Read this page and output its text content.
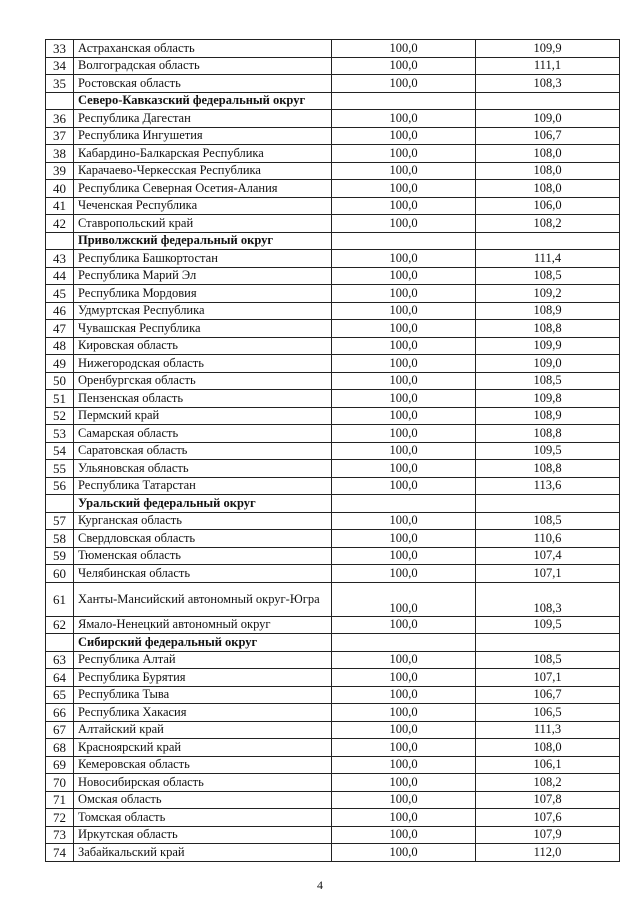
33	Астраханская область	100,0	109,9
34	Волгоградская область	100,0	111,1
35	Ростовская область	100,0	108,3
	Северо-Кавказский федеральный округ		
36	Республика Дагестан	100,0	109,0
37	Республика Ингушетия	100,0	106,7
38	Кабардино-Балкарская Республика	100,0	108,0
39	Карачаево-Черкесская Республика	100,0	108,0
40	Республика Северная Осетия-Алания	100,0	108,0
41	Чеченская Республика	100,0	106,0
42	Ставропольский край	100,0	108,2
	Приволжский федеральный округ		
43	Республика Башкортостан	100,0	111,4
44	Республика Марий Эл	100,0	108,5
45	Республика Мордовия	100,0	109,2
46	Удмуртская Республика	100,0	108,9
47	Чувашская Республика	100,0	108,8
48	Кировская область	100,0	109,9
49	Нижегородская область	100,0	109,0
50	Оренбургская область	100,0	108,5
51	Пензенская область	100,0	109,8
52	Пермский край	100,0	108,9
53	Самарская область	100,0	108,8
54	Саратовская область	100,0	109,5
55	Ульяновская область	100,0	108,8
56	Республика Татарстан	100,0	113,6
	Уральский федеральный округ		
57	Курганская область	100,0	108,5
58	Свердловская область	100,0	110,6
59	Тюменская область	100,0	107,4
60	Челябинская область	100,0	107,1
61	Ханты-Мансийский автономный округ-Югра	100,0	108,3
62	Ямало-Ненецкий автономный округ	100,0	109,5
	Сибирский федеральный округ		
63	Республика Алтай	100,0	108,5
64	Республика Бурятия	100,0	107,1
65	Республика Тыва	100,0	106,7
66	Республика Хакасия	100,0	106,5
67	Алтайский край	100,0	111,3
68	Красноярский край	100,0	108,0
69	Кемеровская область	100,0	106,1
70	Новосибирская область	100,0	108,2
71	Омская область	100,0	107,8
72	Томская область	100,0	107,6
73	Иркутская область	100,0	107,9
74	Забайкальский край	100,0	112,0
4
